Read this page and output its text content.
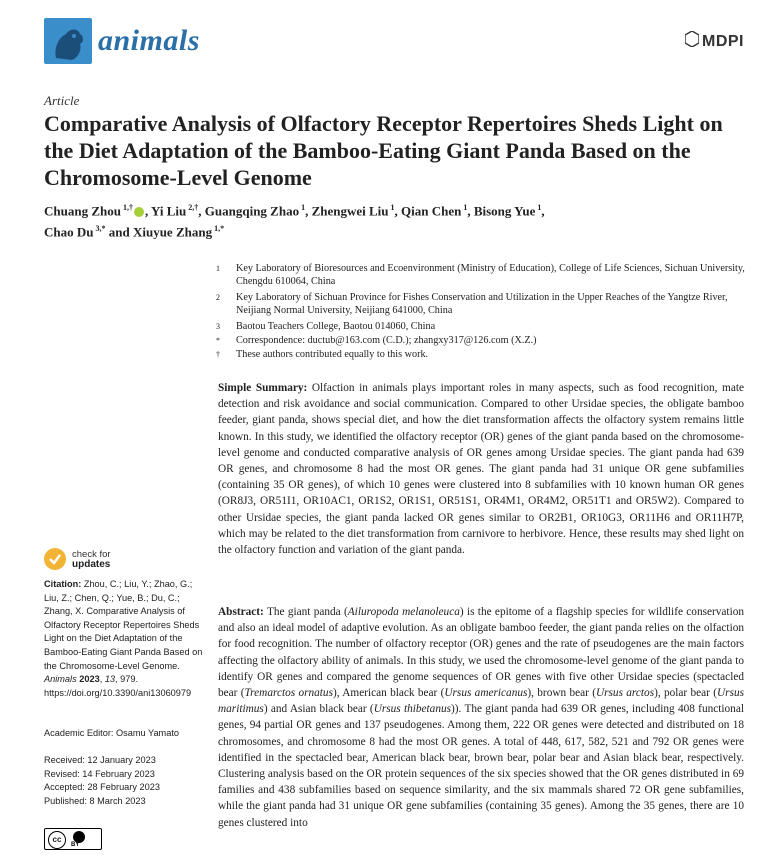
animals	MDPI
Article
Comparative Analysis of Olfactory Receptor Repertoires Sheds Light on the Diet Adaptation of the Bamboo-Eating Giant Panda Based on the Chromosome-Level Genome
Chuang Zhou $^{1,\dagger}$ , Yi Liu $^{2,\dagger}$, Guangqing Zhao $^1$, Zhengwei Liu $^1$, Qian Chen $^1$, Bisong Yue $^1$,
Chao Du $^{3,*}$ and Xiuyue Zhang $^{1,*}$
1 Key Laboratory of Bioresources and Ecoenvironment (Ministry of Education), College of Life Sciences, Sichuan University, Chengdu 610064, China
2 Key Laboratory of Sichuan Province for Fishes Conservation and Utilization in the Upper Reaches of the Yangtze River, Neijiang Normal University, Neijiang 641000, China
3 Baotou Teachers College, Baotou 014060, China
* Correspondence: ductub@163.com (C.D.); zhangxy317@126.com (X.Z.)
† These authors contributed equally to this work.
Simple Summary: Olfaction in animals plays important roles in many aspects, such as food recognition, mate detection and risk avoidance and social communication. Compared to other Ursidae species, the obligate bamboo feeder, giant panda, shows special diet, and how the diet transformation affects the olfactory system remains little known. In this study, we identified the olfactory receptor (OR) genes of the giant panda based on the chromosome-level genome and conducted comparative analysis of OR genes among Ursidae species. The giant panda had 639 OR genes, and chromosome 8 had the most OR genes. The giant panda had 31 unique OR gene subfamilies (containing 35 OR genes), of which 10 genes were clustered into 8 subfamilies with 10 known human OR genes (OR8J3, OR51I1, OR10AC1, OR1S2, OR1S1, OR51S1, OR4M1, OR4M2, OR51T1 and OR5W2). Compared to other Ursidae species, the giant panda lacked OR genes similar to OR2B1, OR10G3, OR11H6 and OR11H7P, which may be related to the diet transformation from carnivore to herbivore. Hence, these results may shed light on the olfactory function and variation of the giant panda.
Abstract: The giant panda (Ailuropoda melanoleuca) is the epitome of a flagship species for wildlife conservation and also an ideal model of adaptive evolution. As an obligate bamboo feeder, the giant panda relies on the olfaction for food recognition. The number of olfactory receptor (OR) genes and the rate of pseudogenes are the main factors affecting the olfactory ability of animals. In this study, we used the chromosome-level genome of the giant panda to identify OR genes and compared the genome sequences of OR genes with five other Ursidae species (spectacled bear (Tremarctos ornatus), American black bear (Ursus americanus), brown bear (Ursus arctos), polar bear (Ursus maritimus) and Asian black bear (Ursus thibetanus)). The giant panda had 639 OR genes, including 408 functional genes, 94 partial OR genes and 137 pseudogenes. Among them, 222 OR genes were detected and distributed on 18 chromosomes, and chromosome 8 had the most OR genes. A total of 448, 617, 582, 521 and 792 OR genes were identified in the spectacled bear, American black bear, brown bear, polar bear and Asian black bear, respectively. Clustering analysis based on the OR protein sequences of the six species showed that the OR genes distributed in 69 families and 438 subfamilies based on sequence similarity, and the six mammals shared 72 OR gene subfamilies, while the giant panda had 31 unique OR gene subfamilies (containing 35 genes). Among the 35 genes, there are 10 genes clustered into
check for
updates
Citation: Zhou, C.; Liu, Y.; Zhao, G.; Liu, Z.; Chen, Q.; Yue, B.; Du, C.; Zhang, X. Comparative Analysis of Olfactory Receptor Repertoires Sheds Light on the Diet Adaptation of the Bamboo-Eating Giant Panda Based on the Chromosome-Level Genome. Animals 2023, 13, 979. https://doi.org/10.3390/ani13060979
Academic Editor: Osamu Yamato
Received: 12 January 2023
Revised: 14 February 2023
Accepted: 28 February 2023
Published: 8 March 2023
cc
BY
